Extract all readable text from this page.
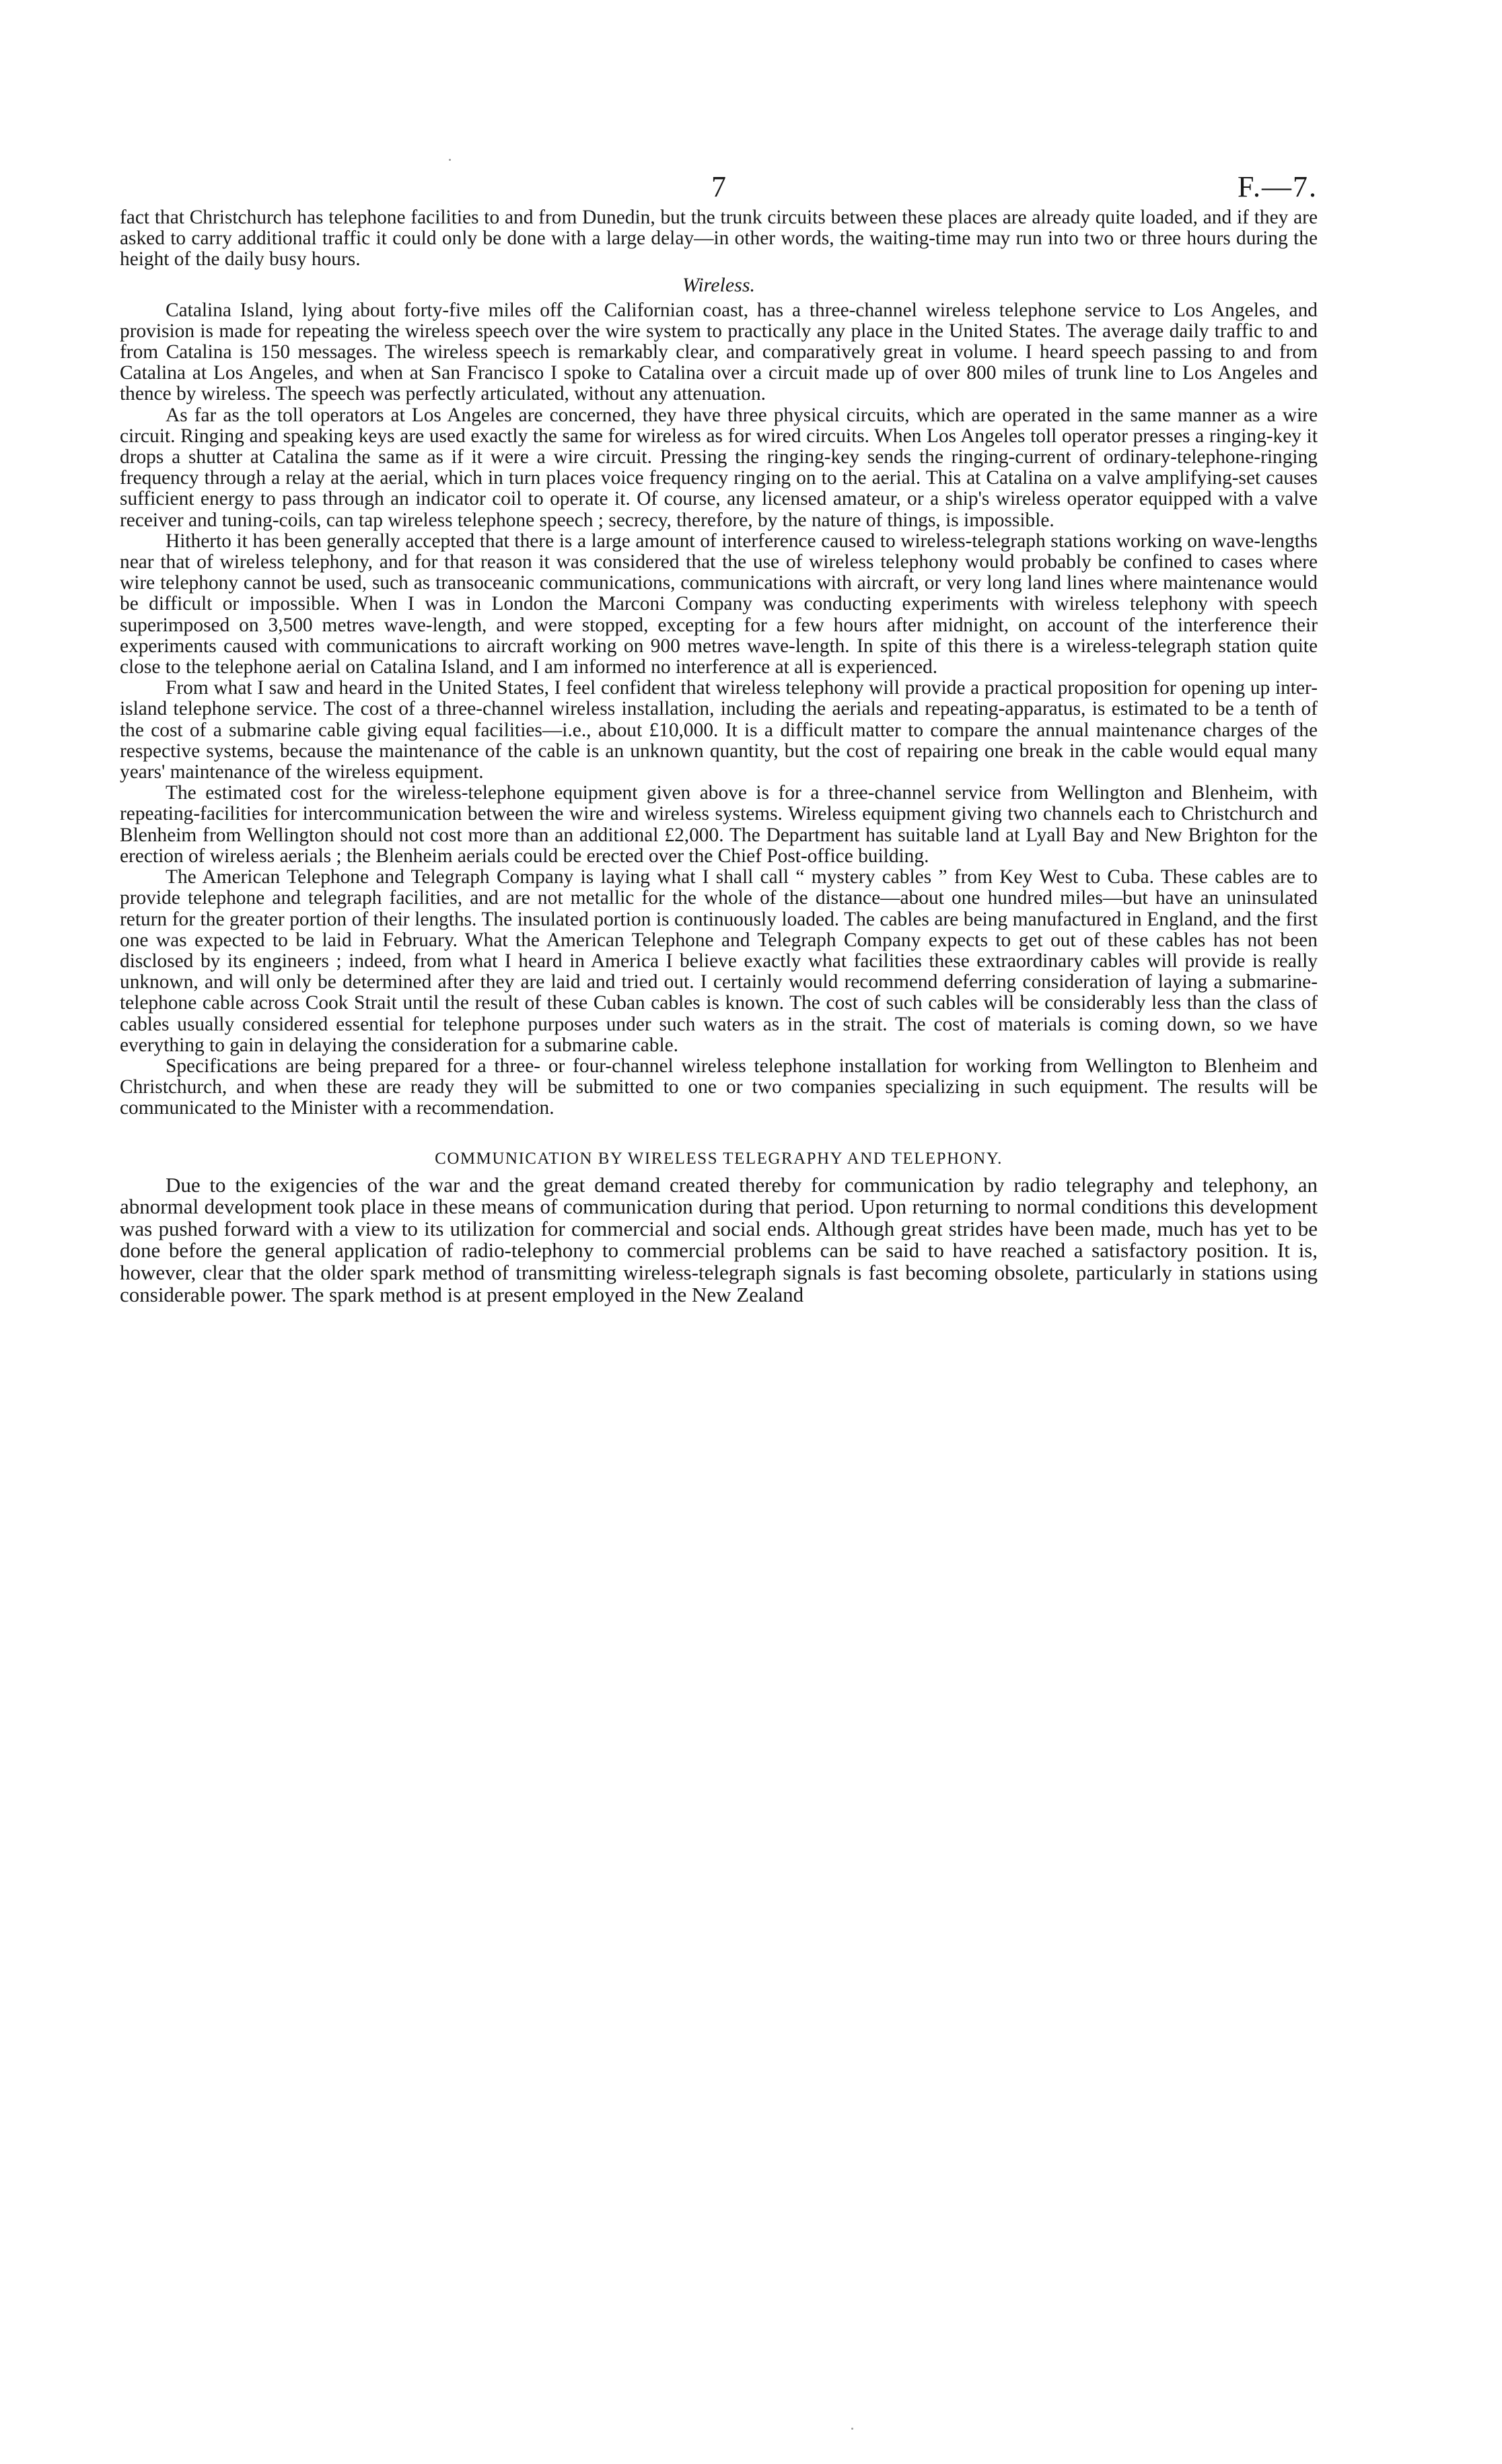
7	F.—7.

fact that Christchurch has telephone facilities to and from Dunedin, but the trunk circuits between these places are already quite loaded, and if they are asked to carry additional traffic it could only be done with a large delay—in other words, the waiting-time may run into two or three hours during the height of the daily busy hours.

Wireless.

Catalina Island, lying about forty-five miles off the Californian coast, has a three-channel wireless telephone service to Los Angeles, and provision is made for repeating the wireless speech over the wire system to practically any place in the United States. The average daily traffic to and from Catalina is 150 messages. The wireless speech is remarkably clear, and comparatively great in volume. I heard speech passing to and from Catalina at Los Angeles, and when at San Francisco I spoke to Catalina over a circuit made up of over 800 miles of trunk line to Los Angeles and thence by wireless. The speech was perfectly articulated, without any attenuation.

As far as the toll operators at Los Angeles are concerned, they have three physical circuits, which are operated in the same manner as a wire circuit. Ringing and speaking keys are used exactly the same for wireless as for wired circuits. When Los Angeles toll operator presses a ringing-key it drops a shutter at Catalina the same as if it were a wire circuit. Pressing the ringing-key sends the ringing-current of ordinary-telephone-ringing frequency through a relay at the aerial, which in turn places voice frequency ringing on to the aerial. This at Catalina on a valve amplifying-set causes sufficient energy to pass through an indicator coil to operate it. Of course, any licensed amateur, or a ship's wireless operator equipped with a valve receiver and tuning-coils, can tap wireless telephone speech ; secrecy, therefore, by the nature of things, is impossible.

Hitherto it has been generally accepted that there is a large amount of interference caused to wireless-telegraph stations working on wave-lengths near that of wireless telephony, and for that reason it was considered that the use of wireless telephony would probably be confined to cases where wire telephony cannot be used, such as transoceanic communications, communications with aircraft, or very long land lines where maintenance would be difficult or impossible. When I was in London the Marconi Company was conducting experiments with wireless telephony with speech superimposed on 3,500 metres wave-length, and were stopped, excepting for a few hours after midnight, on account of the interference their experiments caused with communications to aircraft working on 900 metres wave-length. In spite of this there is a wireless-telegraph station quite close to the telephone aerial on Catalina Island, and I am informed no interference at all is experienced.

From what I saw and heard in the United States, I feel confident that wireless telephony will provide a practical proposition for opening up inter-island telephone service. The cost of a three-channel wireless installation, including the aerials and repeating-apparatus, is estimated to be a tenth of the cost of a submarine cable giving equal facilities—i.e., about £10,000. It is a difficult matter to compare the annual maintenance charges of the respective systems, because the maintenance of the cable is an unknown quantity, but the cost of repairing one break in the cable would equal many years' maintenance of the wireless equipment.

The estimated cost for the wireless-telephone equipment given above is for a three-channel service from Wellington and Blenheim, with repeating-facilities for intercommunication between the wire and wireless systems. Wireless equipment giving two channels each to Christchurch and Blenheim from Wellington should not cost more than an additional £2,000. The Department has suitable land at Lyall Bay and New Brighton for the erection of wireless aerials ; the Blenheim aerials could be erected over the Chief Post-office building.

The American Telephone and Telegraph Company is laying what I shall call “ mystery cables ” from Key West to Cuba. These cables are to provide telephone and telegraph facilities, and are not metallic for the whole of the distance—about one hundred miles—but have an uninsulated return for the greater portion of their lengths. The insulated portion is continuously loaded. The cables are being manufactured in England, and the first one was expected to be laid in February. What the American Telephone and Telegraph Company expects to get out of these cables has not been disclosed by its engineers ; indeed, from what I heard in America I believe exactly what facilities these extraordinary cables will provide is really unknown, and will only be determined after they are laid and tried out. I certainly would recommend deferring consideration of laying a submarine-telephone cable across Cook Strait until the result of these Cuban cables is known. The cost of such cables will be considerably less than the class of cables usually considered essential for telephone purposes under such waters as in the strait. The cost of materials is coming down, so we have everything to gain in delaying the consideration for a submarine cable.

Specifications are being prepared for a three- or four-channel wireless telephone installation for working from Wellington to Blenheim and Christchurch, and when these are ready they will be submitted to one or two companies specializing in such equipment. The results will be communicated to the Minister with a recommendation.

COMMUNICATION BY WIRELESS TELEGRAPHY AND TELEPHONY.

Due to the exigencies of the war and the great demand created thereby for communication by radio telegraphy and telephony, an abnormal development took place in these means of communication during that period. Upon returning to normal conditions this development was pushed forward with a view to its utilization for commercial and social ends. Although great strides have been made, much has yet to be done before the general application of radio-telephony to commercial problems can be said to have reached a satisfactory position. It is, however, clear that the older spark method of transmitting wireless-telegraph signals is fast becoming obsolete, particularly in stations using considerable power. The spark method is at present employed in the New Zealand
